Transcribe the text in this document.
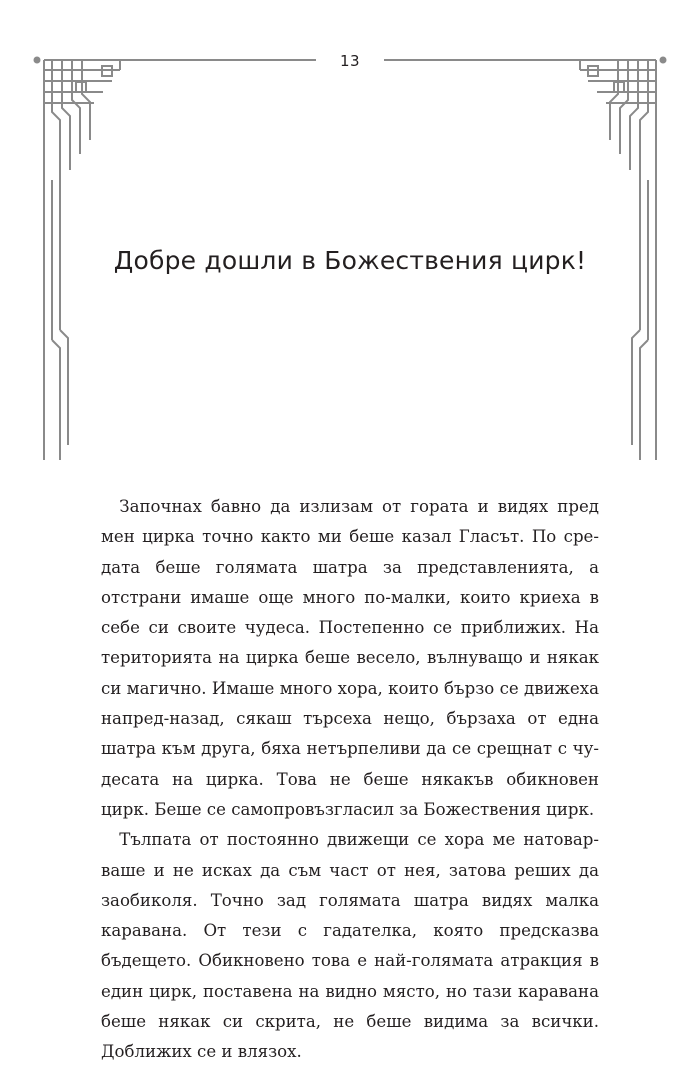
13
Добре дошли в Божествения цирк!

Започнах бавно да излизам от гората и видях пред мен цирка точно както ми беше казал Гласът. По средата беше голямата шатра за представленията, а отстрани имаше още много по-малки, които криеха в себе си своите чудеса. Постепенно се приближих. На територията на цирка беше весело, вълнуващо и някак си магично. Имаше много хора, които бързо се движеха напред-назад, сякаш търсеха нещо, бързаха от една шатра към друга, бяха нетърпеливи да се срещнат с чудесата на цирка. Това не беше някакъв обикновен цирк. Беше се самопровъзгласил за Божествения цирк.

Тълпата от постоянно движещи се хора ме натоварваше и не исках да съм част от нея, затова реших да заобиколя. Точно зад голямата шатра видях малка каравана. От тези с гадателка, която предсказва бъдещето. Обикновено това е най-голямата атракция в един цирк, поставена на видно място, но тази каравана беше някак си скрита, не беше видима за всички. Доближих се и влязох.
